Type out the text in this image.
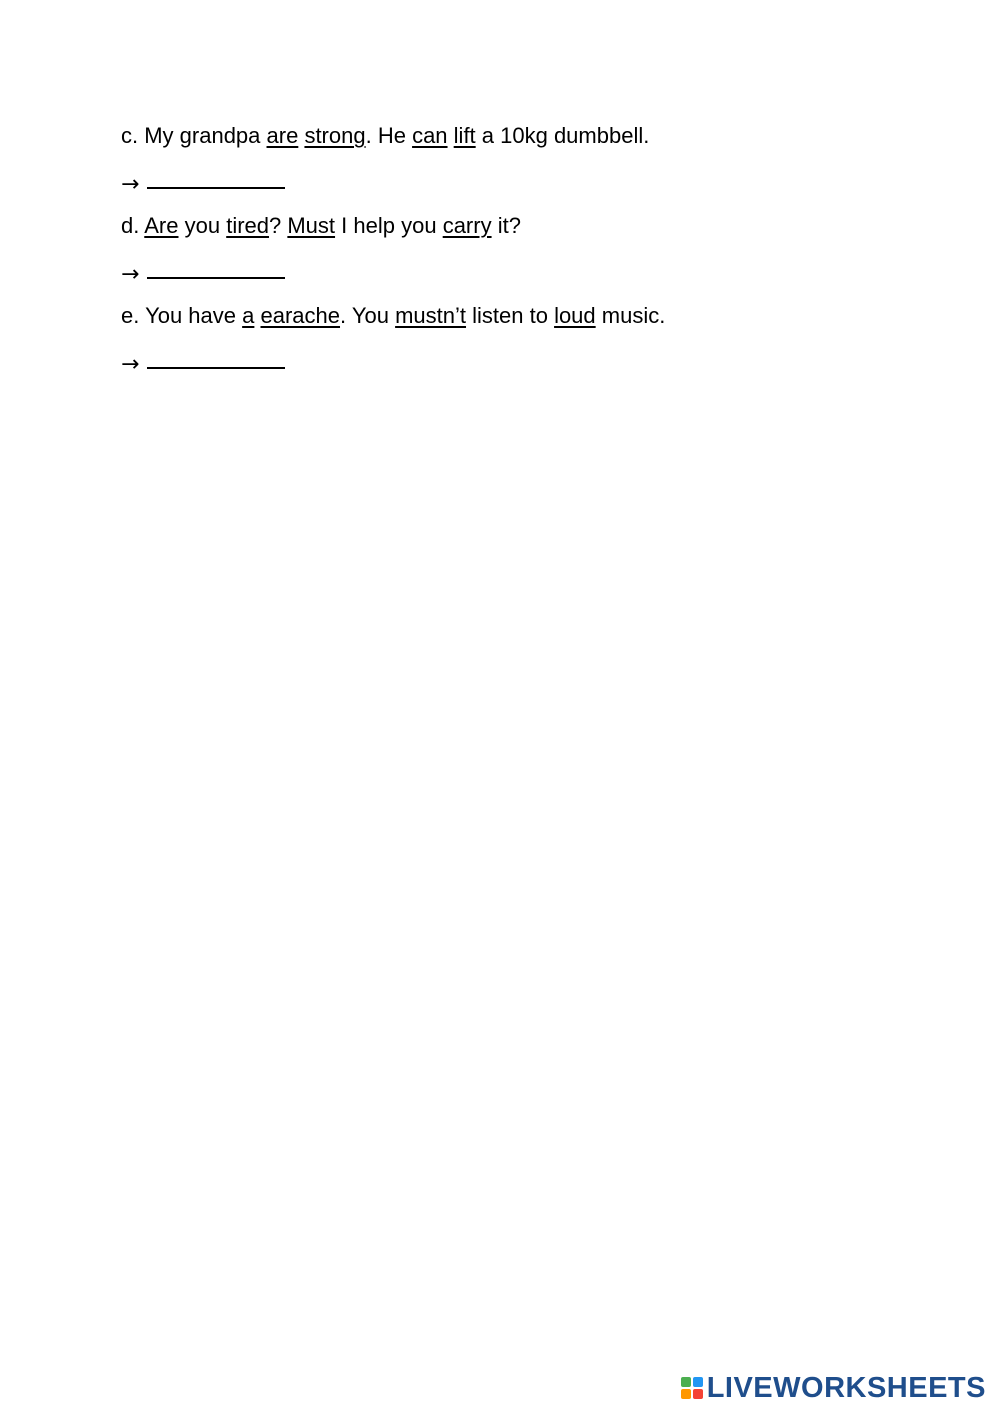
c. My grandpa are strong. He can lift a 10kg dumbbell.

→

d. Are you tired? Must I help you carry it?

→

e. You have a earache. You mustn’t listen to loud music.

→

LIVEWORKSHEETS
